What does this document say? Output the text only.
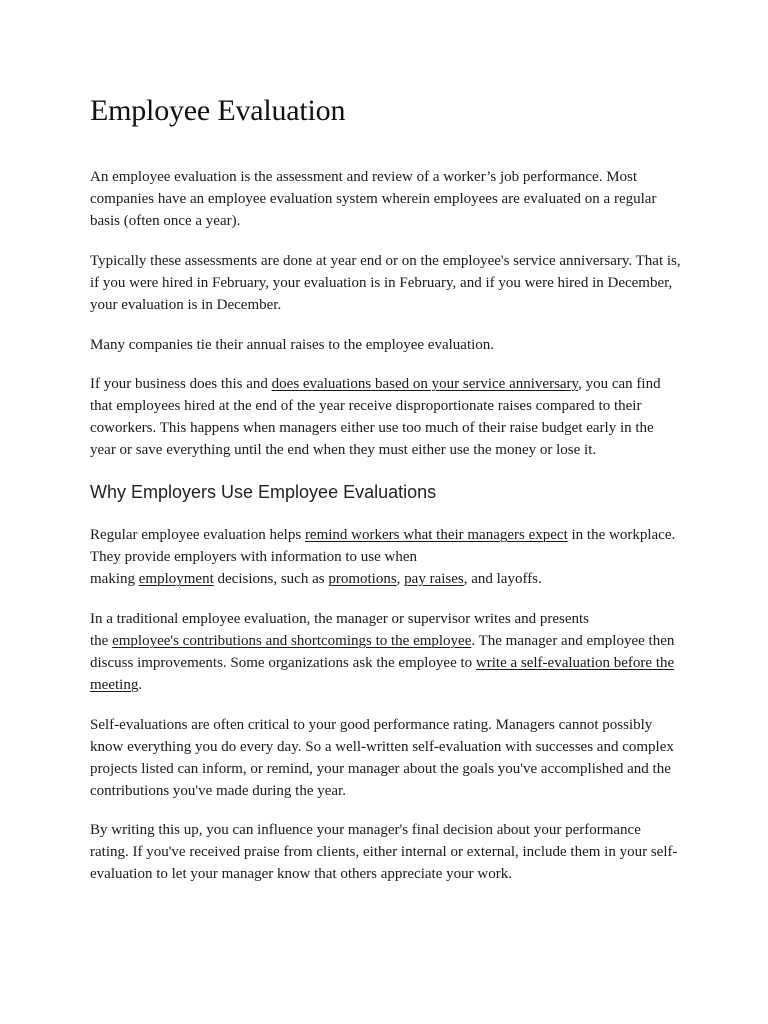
Employee Evaluation

An employee evaluation is the assessment and review of a worker’s job performance. Most companies have an employee evaluation system wherein employees are evaluated on a regular basis (often once a year).

Typically these assessments are done at year end or on the employee's service anniversary. That is, if you were hired in February, your evaluation is in February, and if you were hired in December, your evaluation is in December.

Many companies tie their annual raises to the employee evaluation.

If your business does this and does evaluations based on your service anniversary, you can find that employees hired at the end of the year receive disproportionate raises compared to their coworkers. This happens when managers either use too much of their raise budget early in the year or save everything until the end when they must either use the money or lose it.

Why Employers Use Employee Evaluations

Regular employee evaluation helps remind workers what their managers expect in the workplace. They provide employers with information to use when
making employment decisions, such as promotions, pay raises, and layoffs.

In a traditional employee evaluation, the manager or supervisor writes and presents
the employee's contributions and shortcomings to the employee. The manager and employee then discuss improvements. Some organizations ask the employee to write a self-evaluation before the meeting.

Self-evaluations are often critical to your good performance rating. Managers cannot possibly know everything you do every day. So a well-written self-evaluation with successes and complex projects listed can inform, or remind, your manager about the goals you've accomplished and the contributions you've made during the year.

By writing this up, you can influence your manager's final decision about your performance rating. If you've received praise from clients, either internal or external, include them in your self-evaluation to let your manager know that others appreciate your work.
